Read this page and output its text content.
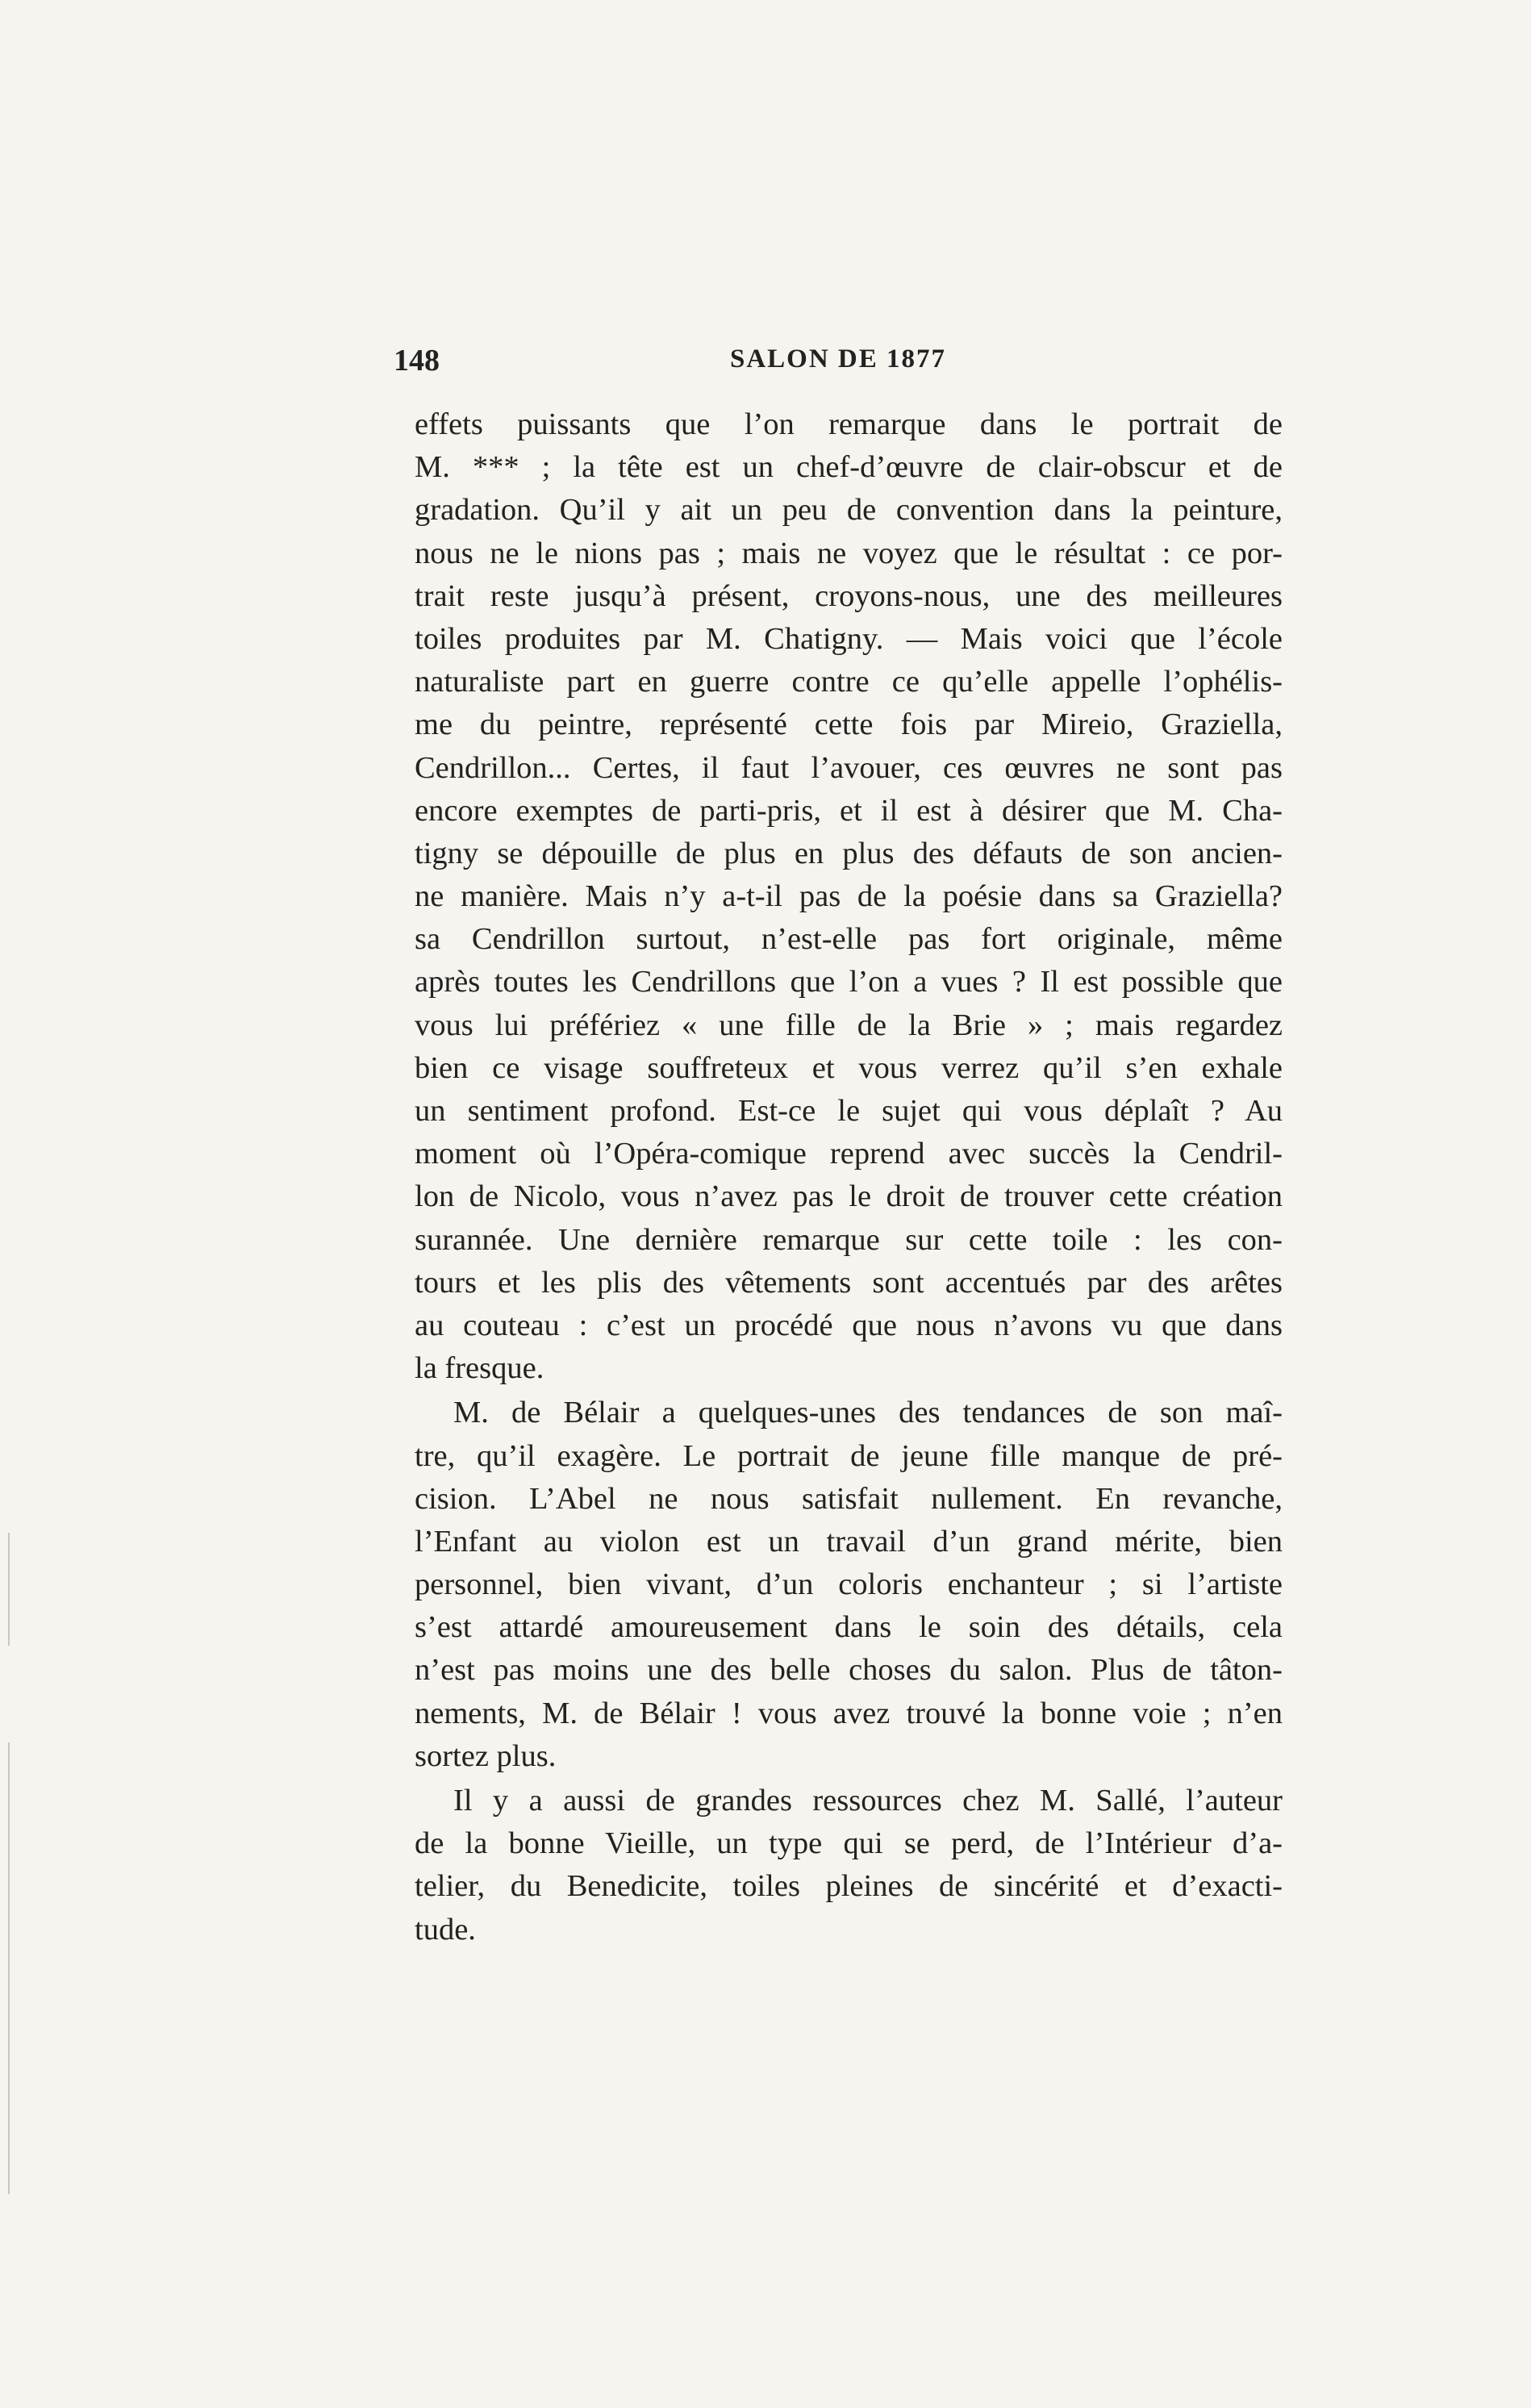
148	SALON DE 1877
effets puissants que l’on remarque dans le portrait de
M. *** ; la tête est un chef-d’œuvre de clair-obscur et de
gradation. Qu’il y ait un peu de convention dans la peinture,
nous ne le nions pas ; mais ne voyez que le résultat : ce por-
trait reste jusqu’à présent, croyons-nous, une des meilleures
toiles produites par M. Chatigny. — Mais voici que l’école
naturaliste part en guerre contre ce qu’elle appelle l’ophélis-
me du peintre, représenté cette fois par Mireio, Graziella,
Cendrillon... Certes, il faut l’avouer, ces œuvres ne sont pas
encore exemptes de parti-pris, et il est à désirer que M. Cha-
tigny se dépouille de plus en plus des défauts de son ancien-
ne manière. Mais n’y a-t-il pas de la poésie dans sa Graziella?
sa Cendrillon surtout, n’est-elle pas fort originale, même
après toutes les Cendrillons que l’on a vues ? Il est possible que
vous lui préfériez « une fille de la Brie » ; mais regardez
bien ce visage souffreteux et vous verrez qu’il s’en exhale
un sentiment profond. Est-ce le sujet qui vous déplaît ? Au
moment où l’Opéra-comique reprend avec succès la Cendril-
lon de Nicolo, vous n’avez pas le droit de trouver cette création
surannée. Une dernière remarque sur cette toile : les con-
tours et les plis des vêtements sont accentués par des arêtes
au couteau : c’est un procédé que nous n’avons vu que dans
la fresque.
M. de Bélair a quelques-unes des tendances de son maî-
tre, qu’il exagère. Le portrait de jeune fille manque de pré-
cision. L’Abel ne nous satisfait nullement. En revanche,
l’Enfant au violon est un travail d’un grand mérite, bien
personnel, bien vivant, d’un coloris enchanteur ; si l’artiste
s’est attardé amoureusement dans le soin des détails, cela
n’est pas moins une des belle choses du salon. Plus de tâton-
nements, M. de Bélair ! vous avez trouvé la bonne voie ; n’en
sortez plus.
Il y a aussi de grandes ressources chez M. Sallé, l’auteur
de la bonne Vieille, un type qui se perd, de l’Intérieur d’a-
telier, du Benedicite, toiles pleines de sincérité et d’exacti-
tude.
